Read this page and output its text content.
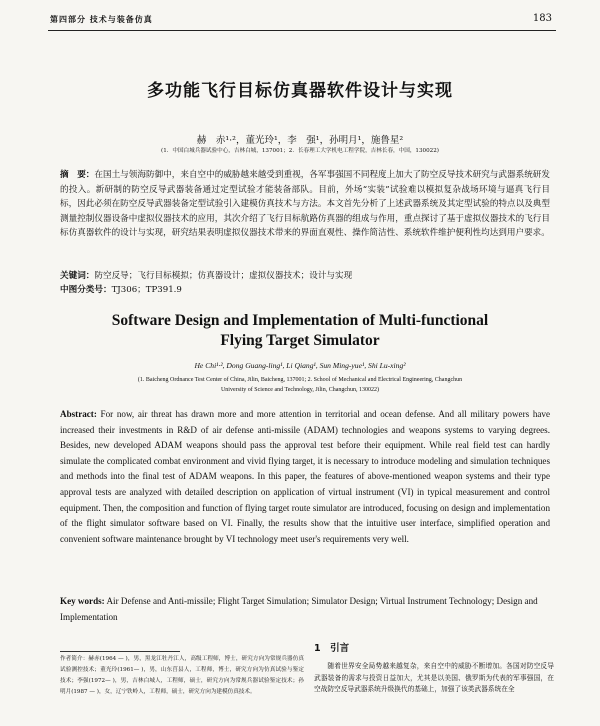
第四部分 技术与装备仿真	183
多功能飞行目标仿真器软件设计与实现
赫　赤¹·²，董光玲¹，李　强¹，孙明月¹，施鲁星²
(1．中国白城兵器试验中心，吉林白城，137001；2．长春理工大学机电工程学院，吉林长春，中国，130022)
摘　要：在国土与领海防御中，来自空中的威胁越来越受到重视，各军事强国不同程度上加大了防空反导技术研究与武器系统研发的投入。新研制的防空反导武器装备通过定型试验才能装备部队。目前，外场“实装”试验难以模拟复杂战场环境与逼真飞行目标，因此必须在防空反导武器装备定型试验引入建模仿真技术与方法。本文首先分析了上述武器系统及其定型试验的特点以及典型测量控制仪器设备中虚拟仪器技术的应用，其次介绍了飞行目标航路仿真器的组成与作用，重点探讨了基于虚拟仪器技术的飞行目标仿真器软件的设计与实现，研究结果表明虚拟仪器技术带来的界面直观性、操作简洁性、系统软件维护便利性均达到用户要求。
关键词：防空反导；飞行目标模拟；仿真器设计；虚拟仪器技术；设计与实现
中图分类号：TJ306；TP391.9
Software Design and Implementation of Multi-functional
Flying Target Simulator
He Chi¹·², Dong Guang-ling¹, Li Qiang¹, Sun Ming-yue¹, Shi Lu-xing²
(1. Baicheng Ordnance Test Center of China, Jilin, Baicheng, 137001; 2. School of Mechanical and Electrical Engineering, Changchun
University of Science and Technology, Jilin, Changchun, 130022)
Abstract: For now, air threat has drawn more and more attention in territorial and ocean defense. And all military powers have increased their investments in R&D of air defense anti-missile (ADAM) technologies and weapons systems to varying degrees. Besides, new developed ADAM weapons should pass the approval test before their equipment. While real field test can hardly simulate the complicated combat environment and vivid flying target, it is necessary to introduce modeling and simulation techniques and methods into the final test of ADAM weapons. In this paper, the features of above-mentioned weapon systems and their type approval tests are analyzed with detailed description on application of virtual instrument (VI) in typical measurement and control equipment. Then, the composition and function of flying target route simulator are introduced, focusing on design and implementation of the flight simulator software based on VI. Finally, the results show that the intuitive user interface, simplified operation and convenient software maintenance brought by VI technology meet user's requirements very well.
Key words: Air Defense and Anti-missile; Flight Target Simulation; Simulator Design; Virtual Instrument Technology; Design and Implementation
作者简介：赫赤(1964 — )，男，黑龙江牡丹江人，高级工程师，博士，研究方向为常规兵器仿真试验测控技术；董光玲(1961— )，男，山东莒县人，工程师，博士，研究方向为仿真试验与鉴定技术；李强(1972— )，男，吉林白城人，工程师，硕士，研究方向为常规兵器试验鉴定技术；孙明月(1987 — )，女，辽宁铁岭人，工程师，硕士，研究方向为建模仿真技术。
1　引言
随着世界安全局势越来越复杂，来自空中的威胁不断增加。各国对防空反导武器装备的需求与投资日益加大，尤其是以美国、俄罗斯为代表的军事强国，在空战防空反导武器系统升级换代的基础上，加强了该类武器系统在全
